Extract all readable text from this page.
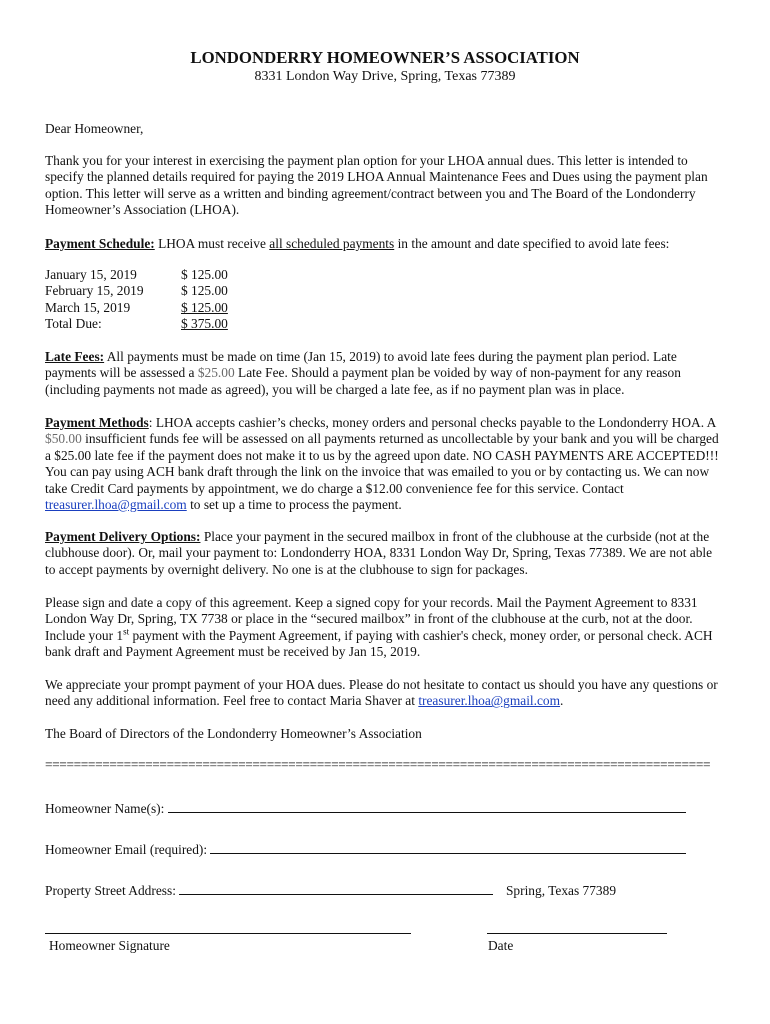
LONDONDERRY HOMEOWNER’S ASSOCIATION
8331 London Way Drive, Spring, Texas 77389

Dear Homeowner,

Thank you for your interest in exercising the payment plan option for your LHOA annual dues. This letter is intended to specify the planned details required for paying the 2019 LHOA Annual Maintenance Fees and Dues using the payment plan option. This letter will serve as a written and binding agreement/contract between you and The Board of the Londonderry Homeowner’s Association (LHOA).

Payment Schedule: LHOA must receive all scheduled payments in the amount and date specified to avoid late fees:

January 15, 2019	$ 125.00
February 15, 2019	$ 125.00
March 15, 2019	$ 125.00
Total Due:	$ 375.00

Late Fees: All payments must be made on time (Jan 15, 2019) to avoid late fees during the payment plan period. Late payments will be assessed a $25.00 Late Fee. Should a payment plan be voided by way of non-payment for any reason (including payments not made as agreed), you will be charged a late fee, as if no payment plan was in place.

Payment Methods: LHOA accepts cashier’s checks, money orders and personal checks payable to the Londonderry HOA. A $50.00 insufficient funds fee will be assessed on all payments returned as uncollectable by your bank and you will be charged a $25.00 late fee if the payment does not make it to us by the agreed upon date. NO CASH PAYMENTS ARE ACCEPTED!!! You can pay using ACH bank draft through the link on the invoice that was emailed to you or by contacting us. We can now take Credit Card payments by appointment, we do charge a $12.00 convenience fee for this service. Contact treasurer.lhoa@gmail.com to set up a time to process the payment.

Payment Delivery Options: Place your payment in the secured mailbox in front of the clubhouse at the curbside (not at the clubhouse door). Or, mail your payment to: Londonderry HOA, 8331 London Way Dr, Spring, Texas 77389. We are not able to accept payments by overnight delivery. No one is at the clubhouse to sign for packages.

Please sign and date a copy of this agreement. Keep a signed copy for your records. Mail the Payment Agreement to 8331 London Way Dr, Spring, TX 7738 or place in the “secured mailbox” in front of the clubhouse at the curb, not at the door. Include your 1st payment with the Payment Agreement, if paying with cashier's check, money order, or personal check. ACH bank draft and Payment Agreement must be received by Jan 15, 2019.

We appreciate your prompt payment of your HOA dues. Please do not hesitate to contact us should you have any questions or need any additional information. Feel free to contact Maria Shaver at treasurer.lhoa@gmail.com.

The Board of Directors of the Londonderry Homeowner’s Association

=============================================================================================
Homeowner Name(s):
Homeowner Email (required):
Property Street Address:	Spring, Texas 77389
Homeowner Signature	Date
